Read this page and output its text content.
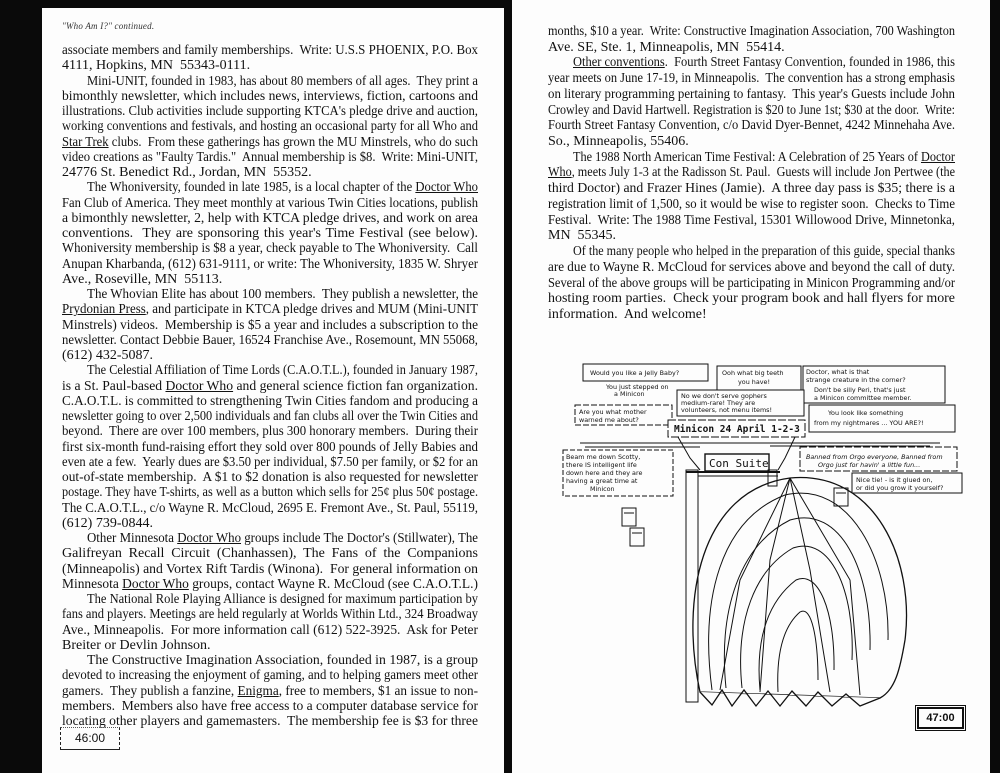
"Who Am I?" continued.
associate members and family memberships.  Write: U.S.S PHOENIX, P.O. Box
4111, Hopkins, MN  55343-0111.
Mini-UNIT, founded in 1983, has about 80 members of all ages.  They print a
bimonthly newsletter, which includes news, interviews, fiction, cartoons and
illustrations. Club activities include supporting KTCA's pledge drive and auction,
working conventions and festivals, and hosting an occasional party for all Who and
Star Trek clubs.  From these gatherings has grown the MU Minstrels, who do such
video creations as "Faulty Tardis."  Annual membership is $8.  Write: Mini-UNIT,
24776 St. Benedict Rd., Jordan, MN  55352.
The Whoniversity, founded in late 1985, is a local chapter of the Doctor Who
Fan Club of America. They meet monthly at various Twin Cities locations, publish
a bimonthly newsletter, 2, help with KTCA pledge drives, and work on area
conventions.  They are sponsoring this year's Time Festival (see below).
Whoniversity membership is $8 a year, check payable to The Whoniversity.  Call
Anupan Kharbanda, (612) 631-9111, or write: The Whoniversity, 1835 W. Shryer
Ave., Roseville, MN  55113.
The Whovian Elite has about 100 members.  They publish a newsletter, the
Prydonian Press, and participate in KTCA pledge drives and MUM (Mini-UNIT
Minstrels) videos.  Membership is $5 a year and includes a subscription to the
newsletter. Contact Debbie Bauer, 16524 Franchise Ave., Rosemount, MN 55068,
(612) 432-5087.
The Celestial Affiliation of Time Lords (C.A.O.T.L.), founded in January 1987,
is a St. Paul-based Doctor Who and general science fiction fan organization.
C.A.O.T.L. is committed to strengthening Twin Cities fandom and producing a
newsletter going to over 2,500 individuals and fan clubs all over the Twin Cities and
beyond.  There are over 100 members, plus 300 honorary members.  During their
first six-month fund-raising effort they sold over 800 pounds of Jelly Babies and
even ate a few.  Yearly dues are $3.50 per individual, $7.50 per family, or $2 for an
out-of-state membership.  A $1 to $2 donation is also requested for newsletter
postage. They have T-shirts, as well as a button which sells for 25¢ plus 50¢ postage.
The C.A.O.T.L., c/o Wayne R. McCloud, 2695 E. Fremont Ave., St. Paul, 55119,
(612) 739-0844.
Other Minnesota Doctor Who groups include The Doctor's (Stillwater), The
Galifreyan Recall Circuit (Chanhassen), The Fans of the Companions
(Minneapolis) and Vortex Rift Tardis (Winona).  For general information on
Minnesota Doctor Who groups, contact Wayne R. McCloud (see C.A.O.T.L.)
The National Role Playing Alliance is designed for maximum participation by
fans and players. Meetings are held regularly at Worlds Within Ltd., 324 Broadway
Ave., Minneapolis.  For more information call (612) 522-3925.  Ask for Peter
Breiter or Devlin Johnson.
The Constructive Imagination Association, founded in 1987, is a group
devoted to increasing the enjoyment of gaming, and to helping gamers meet other
gamers.  They publish a fanzine, Enigma, free to members, $1 an issue to non-
members.  Members also have free access to a computer database service for
locating other players and gamemasters.  The membership fee is $3 for three
46:00
months, $10 a year.  Write: Constructive Imagination Association, 700 Washington
Ave. SE, Ste. 1, Minneapolis, MN  55414.
Other conventions.  Fourth Street Fantasy Convention, founded in 1986, this
year meets on June 17-19, in Minneapolis.  The convention has a strong emphasis
on literary programming pertaining to fantasy.  This year's Guests include John
Crowley and David Hartwell. Registration is $20 to June 1st; $30 at the door.  Write:
Fourth Street Fantasy Convention, c/o David Dyer-Bennet, 4242 Minnehaha Ave.
So., Minneapolis, 55406.
The 1988 North American Time Festival: A Celebration of 25 Years of Doctor
Who, meets July 1-3 at the Radisson St. Paul.  Guests will include Jon Pertwee (the
third Doctor) and Frazer Hines (Jamie).  A three day pass is $35; there is a
registration limit of 1,500, so it would be wise to register soon.  Checks to Time
Festival.  Write: The 1988 Time Festival, 15301 Willowood Drive, Minnetonka,
MN  55345.
Of the many people who helped in the preparation of this guide, special thanks
are due to Wayne R. McCloud for services above and beyond the call of duty.
Several of the above groups will be participating in Minicon Programming and/or
hosting room parties.  Check your program book and hall flyers for more
information.  And welcome!
Would you like a Jelly Baby?
You just stepped on
a Minicon
Ooh what big teeth
you have!
Doctor, what is that
strange creature in the corner?
Don't be silly Peri, that's just
a Minicon committee member.
No we don't serve gophers
medium-rare! They are
volunteers, not menu items!
Are you what mother
warned me about?
You look like something
from my nightmares ... YOU ARE?!
Minicon 24 April 1-2-3
Beam me down Scotty,
there IS intelligent life
down here and they are
having a great time at
Minicon
Con Suite	Banned from Orgo everyone, Banned from
Orgo just for havin' a little fun...
Nice tie! - is it glued on,
or did you grow it yourself?
47:00
